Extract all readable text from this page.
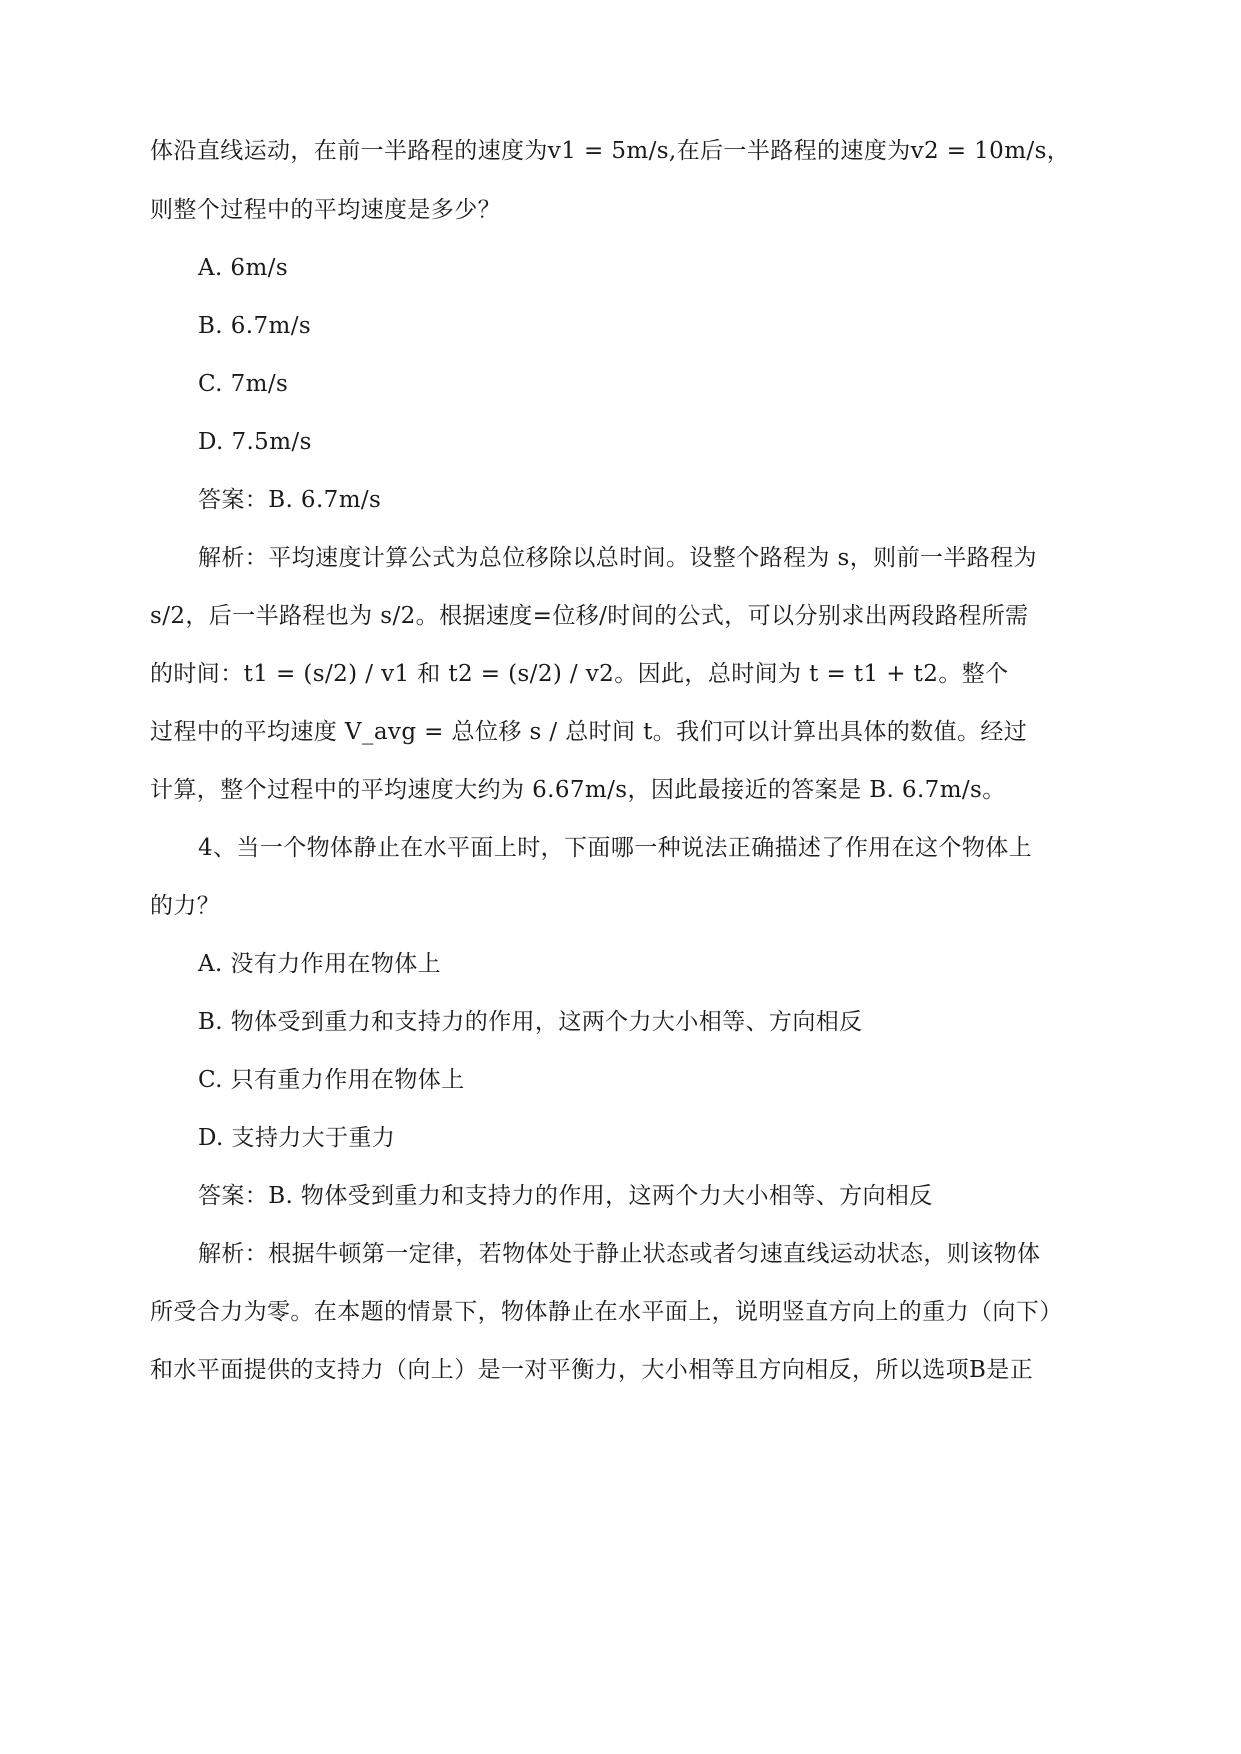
体沿直线运动，在前一半路程的速度为v1 = 5m/s,在后一半路程的速度为v2 = 10m/s，
则整个过程中的平均速度是多少？
A. 6m/s
B. 6.7m/s
C. 7m/s
D. 7.5m/s
答案：B. 6.7m/s
解析：平均速度计算公式为总位移除以总时间。设整个路程为 s，则前一半路程为
s/2，后一半路程也为 s/2。根据速度=位移/时间的公式，可以分别求出两段路程所需
的时间：t1 = (s/2) / v1 和 t2 = (s/2) / v2。因此，总时间为 t = t1 + t2。整个
过程中的平均速度 V_avg = 总位移 s / 总时间 t。我们可以计算出具体的数值。经过
计算，整个过程中的平均速度大约为 6.67m/s，因此最接近的答案是 B. 6.7m/s。
4、当一个物体静止在水平面上时，下面哪一种说法正确描述了作用在这个物体上
的力？
A. 没有力作用在物体上
B. 物体受到重力和支持力的作用，这两个力大小相等、方向相反
C. 只有重力作用在物体上
D. 支持力大于重力
答案：B. 物体受到重力和支持力的作用，这两个力大小相等、方向相反
解析：根据牛顿第一定律，若物体处于静止状态或者匀速直线运动状态，则该物体
所受合力为零。在本题的情景下，物体静止在水平面上，说明竖直方向上的重力（向下）
和水平面提供的支持力（向上）是一对平衡力，大小相等且方向相反，所以选项B是正
